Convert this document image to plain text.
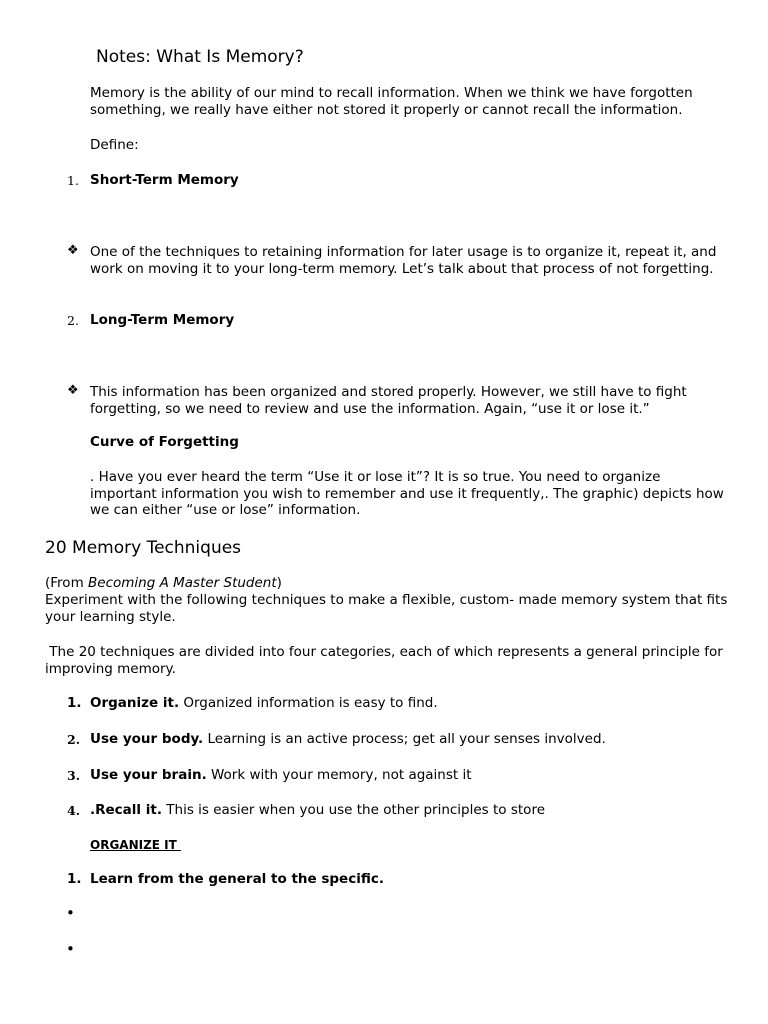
Notes: What Is Memory?
Memory is the ability of our mind to recall information. When we think we have forgotten something, we really have either not stored it properly or cannot recall the information.
Define:
1. Short-Term Memory
❖ One of the techniques to retaining information for later usage is to organize it, repeat it, and work on moving it to your long-term memory. Let’s talk about that process of not forgetting.
2. Long-Term Memory
❖ This information has been organized and stored properly. However, we still have to fight forgetting, so we need to review and use the information. Again, “use it or lose it.”
Curve of Forgetting
. Have you ever heard the term “Use it or lose it”? It is so true. You need to organize important information you wish to remember and use it frequently,. The graphic) depicts how we can either “use or lose” information.
20 Memory Techniques
(From Becoming A Master Student)
Experiment with the following techniques to make a flexible, custom- made memory system that fits your learning style.
The 20 techniques are divided into four categories, each of which represents a general principle for improving memory.
1. Organize it. Organized information is easy to find.
2. Use your body. Learning is an active process; get all your senses involved.
3. Use your brain. Work with your memory, not against it
4. .Recall it. This is easier when you use the other principles to store
ORGANIZE IT
1. Learn from the general to the specific.
•
•
